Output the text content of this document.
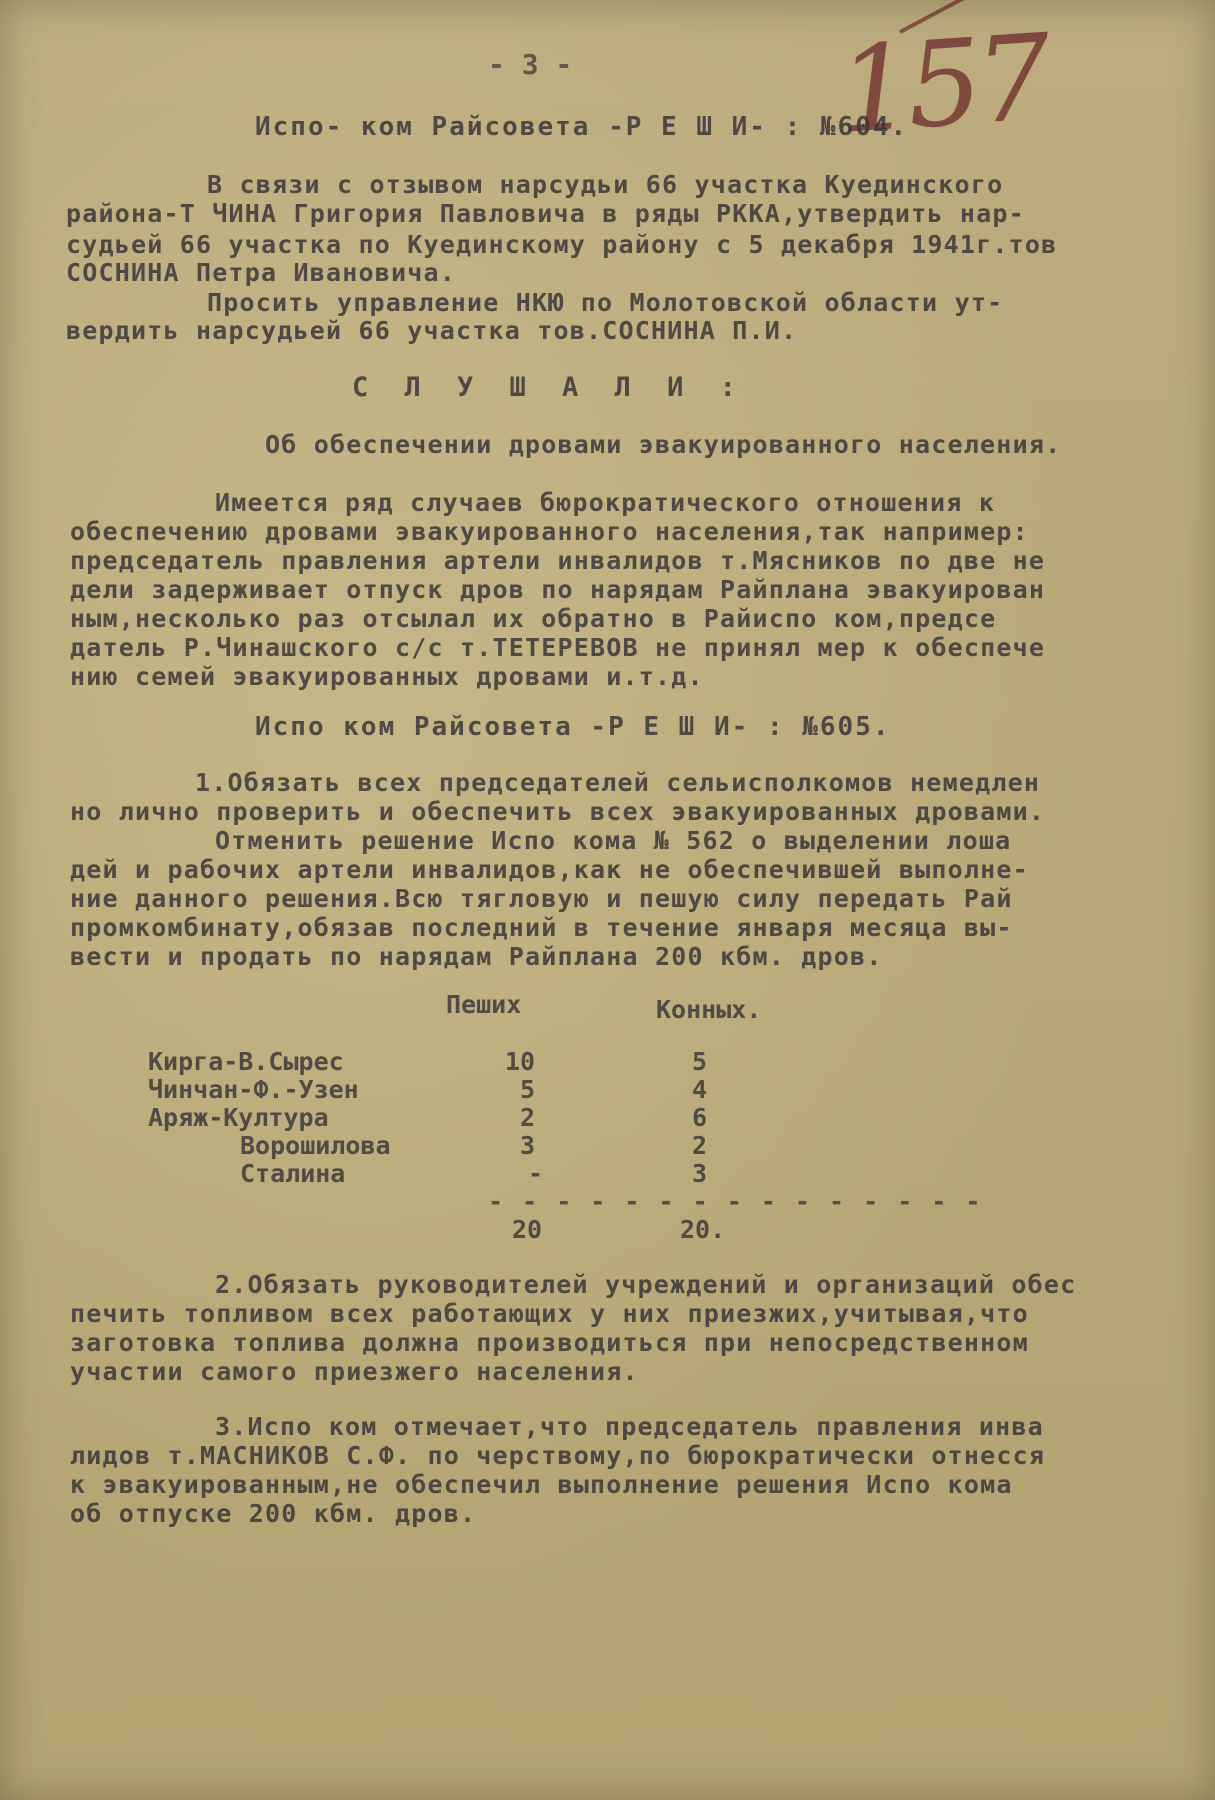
- 3 - 157
Испо- ком Райсовета -Р Е Ш И- : №604.
В связи с отзывом нарсудьи 66 участка Куединского
района-Т ЧИНА Григория Павловича в ряды РККА,утвердить нар-
судьей 66 участка по Куединскому району с 5 декабря 1941г.тов
СОСНИНА Петра Ивановича.
Просить управление НКЮ по Молотовской области ут-
вердить нарсудьей 66 участка тов.СОСНИНА П.И.
С Л У Ш А Л И :
Об обеспечении дровами эвакуированного населения.
Имеется ряд случаев бюрократического отношения к
обеспечению дровами эвакуированного населения,так например:
председатель правления артели инвалидов т.Мясников по две не
дели задерживает отпуск дров по нарядам Райплана эвакуирован
ным,несколько раз отсылал их обратно в Райиспо ком,предсе
датель Р.Чинашского с/с т.ТЕТЕРЕВОВ не принял мер к обеспече
нию семей эвакуированных дровами и.т.д.
Испо ком Райсовета -Р Е Ш И- : №605.
1.Обязать всех председателей сельисполкомов немедлен
но лично проверить и обеспечить всех эвакуированных дровами.
Отменить решение Испо кома № 562 о выделении лоша
дей и рабочих артели инвалидов,как не обеспечившей выполне-
ние данного решения.Всю тягловую и пешую силу передать Рай
промкомбинату,обязав последний в течение января месяца вы-
вести и продать по нарядам Райплана 200 кбм. дров.
Пеших	Конных.
Кирга-В.Сырес	10	5
Чинчан-Ф.-Узен	5	4
Аряж-Култура	2	6
Ворошилова	3	2
Сталина	-	3
- - - - - - - - - - - - - - -
20	20.
2.Обязать руководителей учреждений и организаций обес
печить топливом всех работающих у них приезжих,учитывая,что
заготовка топлива должна производиться при непосредственном
участии самого приезжего населения.
3.Испо ком отмечает,что председатель правления инва
лидов т.МАСНИКОВ С.Ф. по черствому,по бюрократически отнесся
к эвакуированным,не обеспечил выполнение решения Испо кома
об отпуске 200 кбм. дров.
